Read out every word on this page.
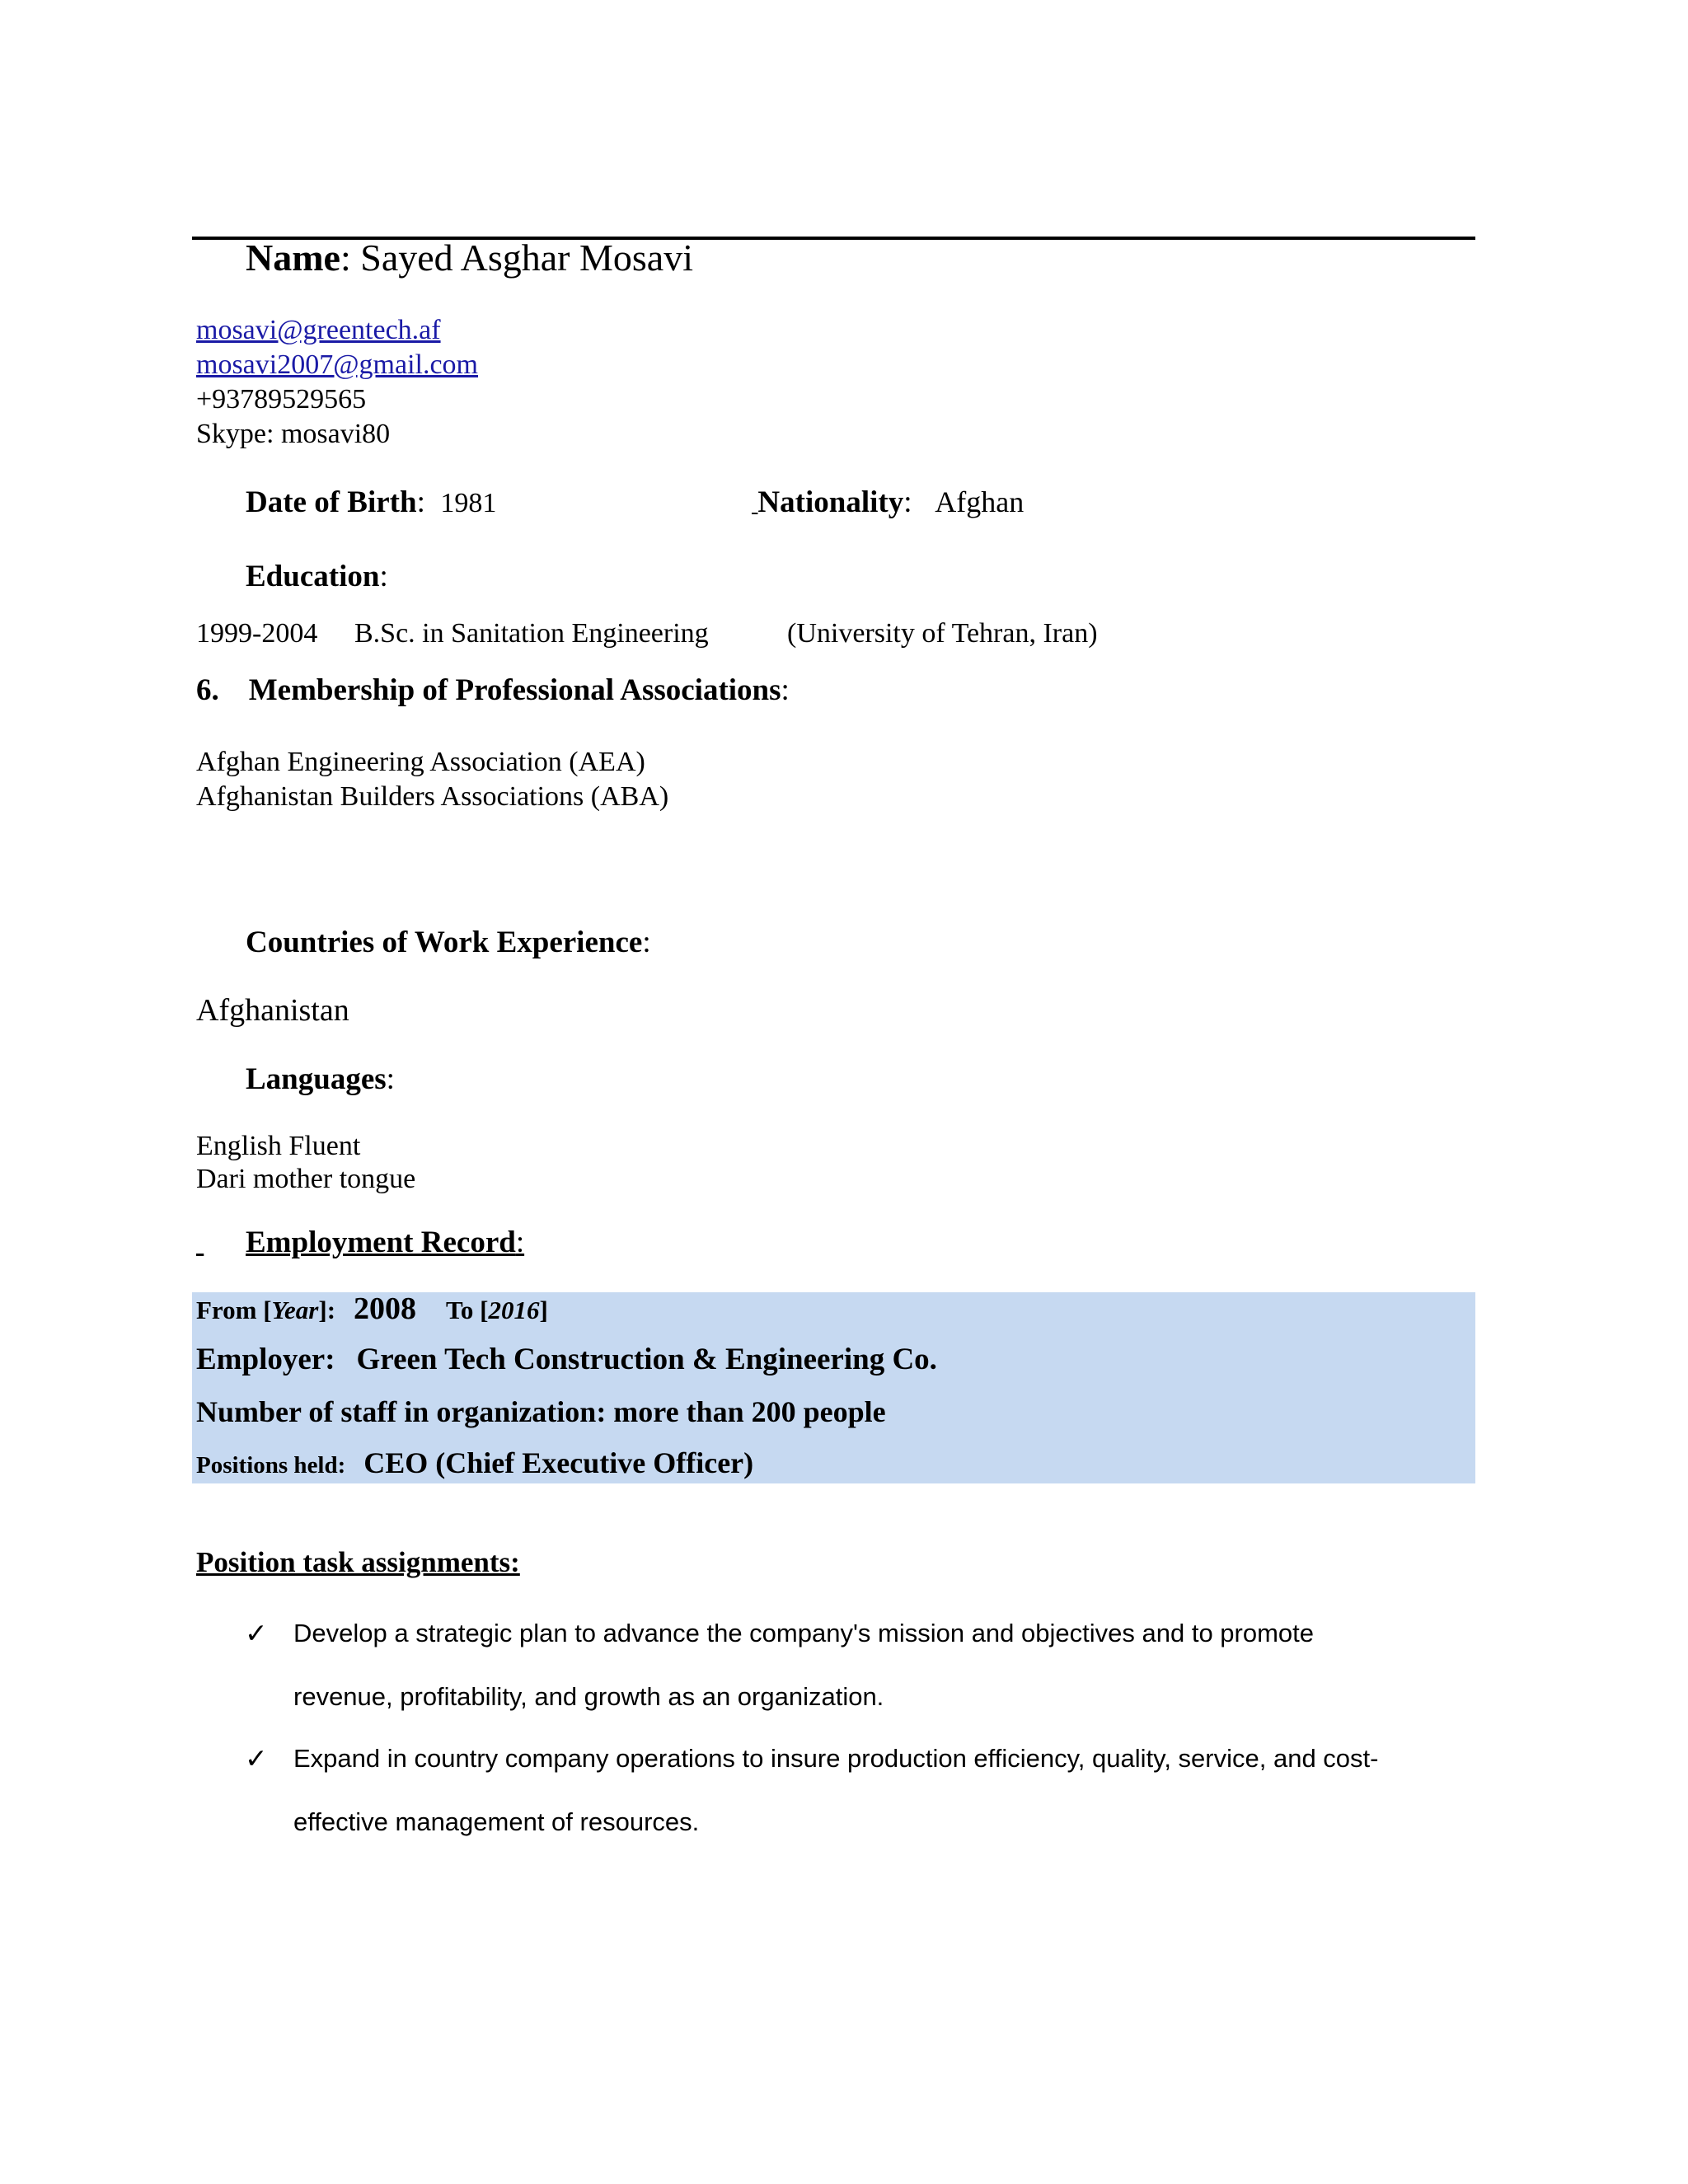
Name: Sayed Asghar Mosavi
mosavi@greentech.af
mosavi2007@gmail.com
+93789529565
Skype: mosavi80
Date of Birth:  1981
 	Nationality:   Afghan
Education:
1999-2004 B.Sc. in Sanitation Engineering	(University of Tehran, Iran)
6. Membership of Professional Associations:
Afghan Engineering Association (AEA)
Afghanistan Builders Associations (ABA)
Countries of Work Experience:
Afghanistan
Languages:
English Fluent
Dari mother tongue
Employment Record:
From [Year]: 2008 To [2016]
Employer: Green Tech Construction & Engineering Co.
Number of staff in organization: more than 200 people
Positions held: CEO (Chief Executive Officer)
Position task assignments:
✓ Develop a strategic plan to advance the company's mission and objectives and to promote
revenue, profitability, and growth as an organization.
✓ Expand in country company operations to insure production efficiency, quality, service, and cost-
effective management of resources.
